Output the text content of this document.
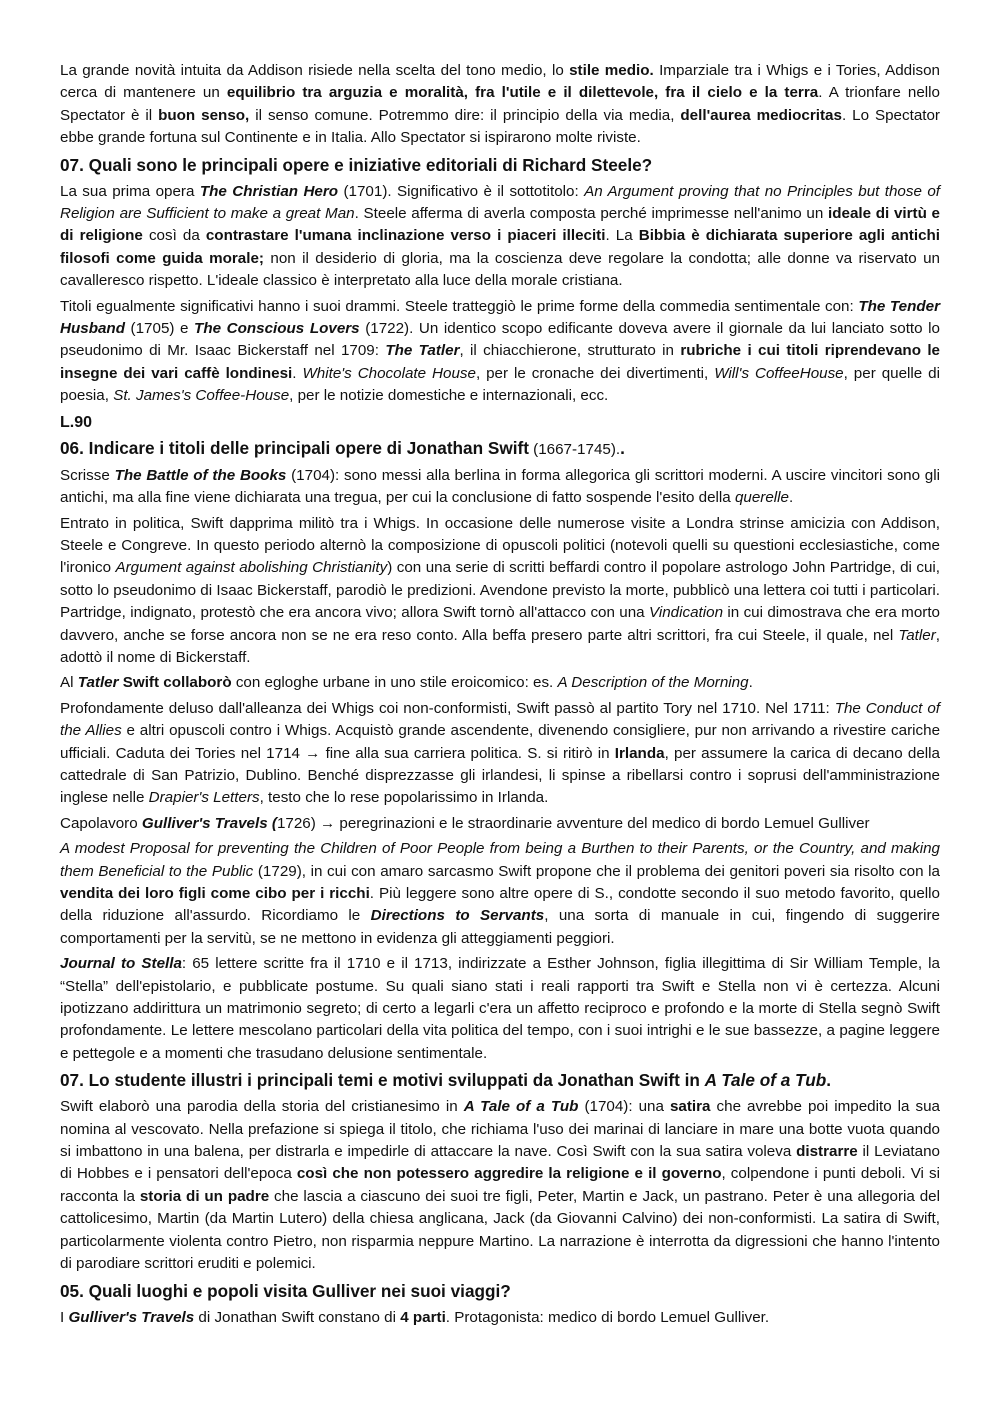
La grande novità intuita da Addison risiede nella scelta del tono medio, lo stile medio. Imparziale tra i Whigs e i Tories, Addison cerca di mantenere un equilibrio tra arguzia e moralità, fra l'utile e il dilettevole, fra il cielo e la terra. A trionfare nello Spectator è il buon senso, il senso comune. Potremmo dire: il principio della via media, dell'aurea mediocritas. Lo Spectator ebbe grande fortuna sul Continente e in Italia. Allo Spectator si ispirarono molte riviste.

07. Quali sono le principali opere e iniziative editoriali di Richard Steele?

La sua prima opera The Christian Hero (1701). Significativo è il sottotitolo: An Argument proving that no Principles but those of Religion are Sufficient to make a great Man. Steele afferma di averla composta perché imprimesse nell'animo un ideale di virtù e di religione così da contrastare l'umana inclinazione verso i piaceri illeciti. La Bibbia è dichiarata superiore agli antichi filosofi come guida morale; non il desiderio di gloria, ma la coscienza deve regolare la condotta; alle donne va riservato un cavalleresco rispetto. L'ideale classico è interpretato alla luce della morale cristiana.

Titoli egualmente significativi hanno i suoi drammi. Steele tratteggiò le prime forme della commedia sentimentale con: The Tender Husband (1705) e The Conscious Lovers (1722). Un identico scopo edificante doveva avere il giornale da lui lanciato sotto lo pseudonimo di Mr. Isaac Bickerstaff nel 1709: The Tatler, il chiacchierone, strutturato in rubriche i cui titoli riprendevano le insegne dei vari caffè londinesi. White's Chocolate House, per le cronache dei divertimenti, Will's CoffeeHouse, per quelle di poesia, St. James's Coffee-House, per le notizie domestiche e internazionali, ecc.

L.90
06. Indicare i titoli delle principali opere di Jonathan Swift (1667-1745)..

Scrisse The Battle of the Books (1704): sono messi alla berlina in forma allegorica gli scrittori moderni. A uscire vincitori sono gli antichi, ma alla fine viene dichiarata una tregua, per cui la conclusione di fatto sospende l'esito della querelle.

Entrato in politica, Swift dapprima militò tra i Whigs. In occasione delle numerose visite a Londra strinse amicizia con Addison, Steele e Congreve. In questo periodo alternò la composizione di opuscoli politici (notevoli quelli su questioni ecclesiastiche, come l'ironico Argument against abolishing Christianity) con una serie di scritti beffardi contro il popolare astrologo John Partridge, di cui, sotto lo pseudonimo di Isaac Bickerstaff, parodiò le predizioni. Avendone previsto la morte, pubblicò una lettera coi tutti i particolari. Partridge, indignato, protestò che era ancora vivo; allora Swift tornò all'attacco con una Vindication in cui dimostrava che era morto davvero, anche se forse ancora non se ne era reso conto. Alla beffa presero parte altri scrittori, fra cui Steele, il quale, nel Tatler, adottò il nome di Bickerstaff.

Al Tatler Swift collaborò con egloghe urbane in uno stile eroicomico: es. A Description of the Morning.

Profondamente deluso dall'alleanza dei Whigs coi non-conformisti, Swift passò al partito Tory nel 1710. Nel 1711: The Conduct of the Allies e altri opuscoli contro i Whigs. Acquistò grande ascendente, divenendo consigliere, pur non arrivando a rivestire cariche ufficiali. Caduta dei Tories nel 1714 → fine alla sua carriera politica. S. si ritirò in Irlanda, per assumere la carica di decano della cattedrale di San Patrizio, Dublino. Benché disprezzasse gli irlandesi, li spinse a ribellarsi contro i soprusi dell'amministrazione inglese nelle Drapier's Letters, testo che lo rese popolarissimo in Irlanda.

Capolavoro Gulliver's Travels (1726) → peregrinazioni e le straordinarie avventure del medico di bordo Lemuel Gulliver

A modest Proposal for preventing the Children of Poor People from being a Burthen to their Parents, or the Country, and making them Beneficial to the Public (1729), in cui con amaro sarcasmo Swift propone che il problema dei genitori poveri sia risolto con la vendita dei loro figli come cibo per i ricchi. Più leggere sono altre opere di S., condotte secondo il suo metodo favorito, quello della riduzione all'assurdo. Ricordiamo le Directions to Servants, una sorta di manuale in cui, fingendo di suggerire comportamenti per la servitù, se ne mettono in evidenza gli atteggiamenti peggiori.

Journal to Stella: 65 lettere scritte fra il 1710 e il 1713, indirizzate a Esther Johnson, figlia illegittima di Sir William Temple, la “Stella” dell'epistolario, e pubblicate postume. Su quali siano stati i reali rapporti tra Swift e Stella non vi è certezza. Alcuni ipotizzano addirittura un matrimonio segreto; di certo a legarli c'era un affetto reciproco e profondo e la morte di Stella segnò Swift profondamente. Le lettere mescolano particolari della vita politica del tempo, con i suoi intrighi e le sue bassezze, a pagine leggere e pettegole e a momenti che trasudano delusione sentimentale.

07. Lo studente illustri i principali temi e motivi sviluppati da Jonathan Swift in A Tale of a Tub.

Swift elaborò una parodia della storia del cristianesimo in A Tale of a Tub (1704): una satira che avrebbe poi impedito la sua nomina al vescovato. Nella prefazione si spiega il titolo, che richiama l'uso dei marinai di lanciare in mare una botte vuota quando si imbattono in una balena, per distrarla e impedirle di attaccare la nave. Così Swift con la sua satira voleva distrarre il Leviatano di Hobbes e i pensatori dell'epoca così che non potessero aggredire la religione e il governo, colpendone i punti deboli. Vi si racconta la storia di un padre che lascia a ciascuno dei suoi tre figli, Peter, Martin e Jack, un pastrano. Peter è una allegoria del cattolicesimo, Martin (da Martin Lutero) della chiesa anglicana, Jack (da Giovanni Calvino) dei non-conformisti. La satira di Swift, particolarmente violenta contro Pietro, non risparmia neppure Martino. La narrazione è interrotta da digressioni che hanno l'intento di parodiare scrittori eruditi e polemici.

05. Quali luoghi e popoli visita Gulliver nei suoi viaggi?

I Gulliver's Travels di Jonathan Swift constano di 4 parti. Protagonista: medico di bordo Lemuel Gulliver.
